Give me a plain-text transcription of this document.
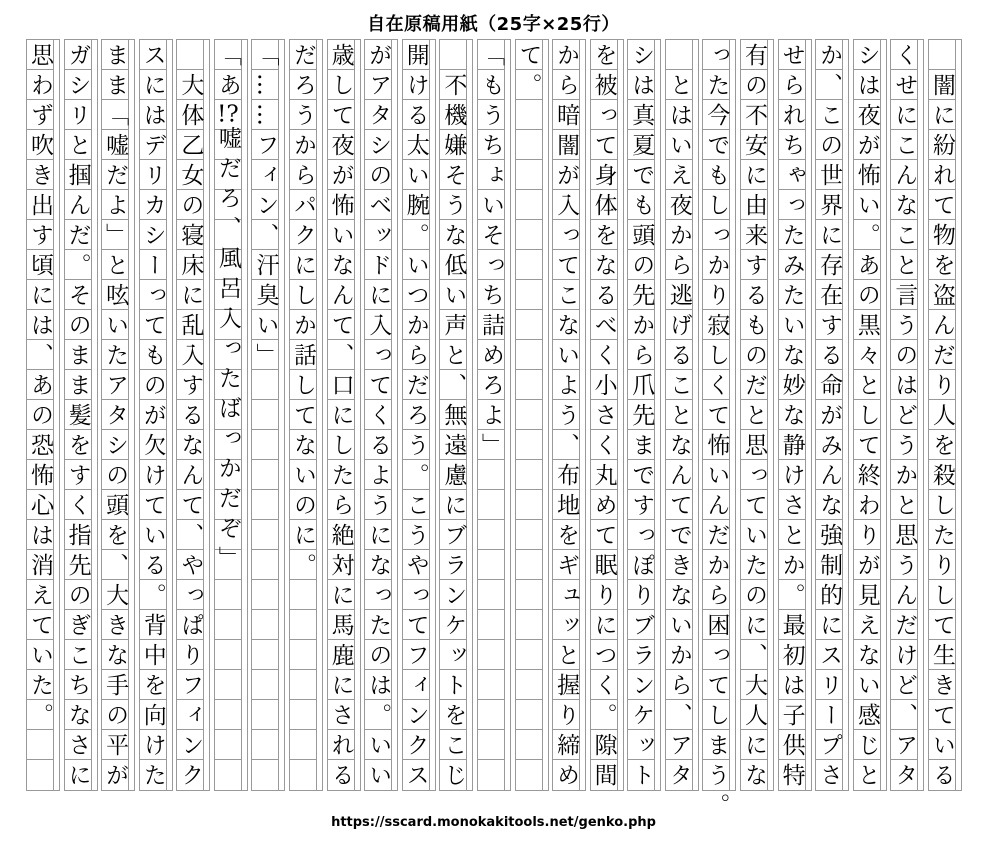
自在原稿用紙（25字×25行）
　闇に紛れて物を盗んだり人を殺したりして生きている
くせにこんなこと言うのはどうかと思うんだけど、アタ
シは夜が怖い。あの黒々として終わりが見えない感じと
か、この世界に存在する命がみんな強制的にスリープさ
せられちゃったみたいな妙な静けさとか。最初は子供特
有の不安に由来するものだと思っていたのに、大人にな
った今でもしっかり寂しくて怖いんだから困ってしまう。
　とはいえ夜から逃げることなんてできないから、アタ
シは真夏でも頭の先から爪先まですっぽりブランケット
を被って身体をなるべく小さく丸めて眠りにつく。隙間
から暗闇が入ってこないよう、布地をギュッと握り締め
て。
「もうちょいそっち詰めろよ」
　不機嫌そうな低い声と、無遠慮にブランケットをこじ
開ける太い腕。いつからだろう。こうやってフィンクス
がアタシのベッドに入ってくるようになったのは。いい
歳して夜が怖いなんて、口にしたら絶対に馬鹿にされる
だろうからパクにしか話してないのに。
「……フィン、汗臭い」
「あ!?嘘だろ、風呂入ったばっかだぞ」
　大体乙女の寝床に乱入するなんて、やっぱりフィンク
スにはデリカシーってものが欠けている。背中を向けた
まま「嘘だよ」と呟いたアタシの頭を、大きな手の平が
ガシリと掴んだ。そのまま髪をすく指先のぎこちなさに
思わず吹き出す頃には、あの恐怖心は消えていた。
https://sscard.monokakitools.net/genko.php
